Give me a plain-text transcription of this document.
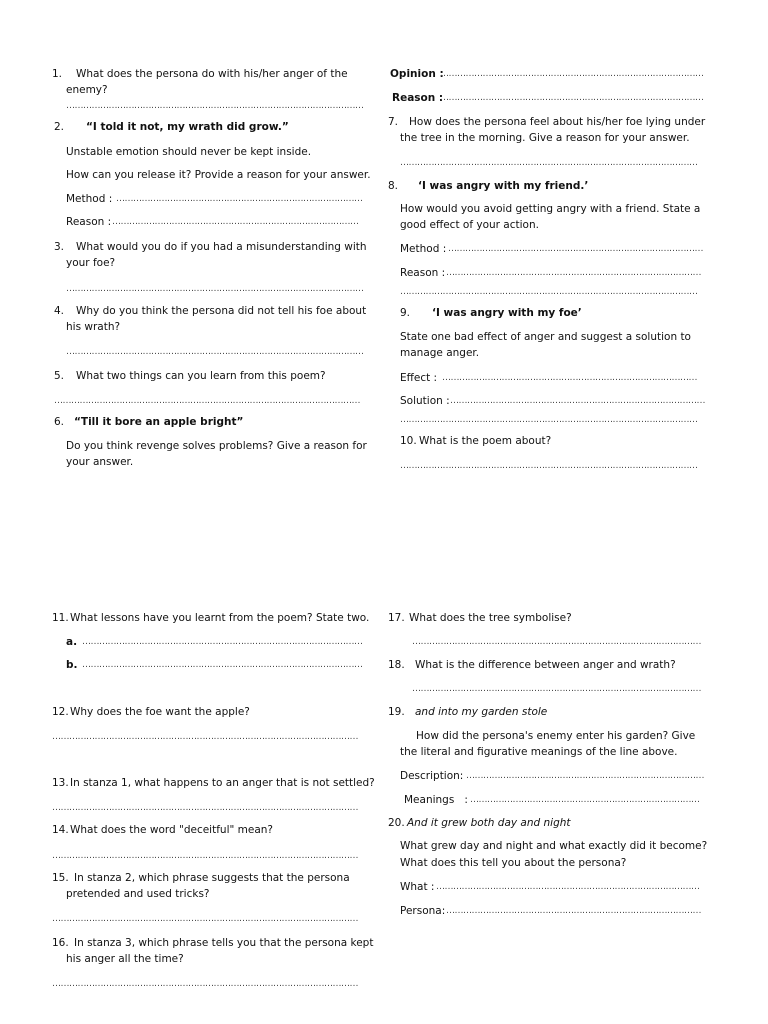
1. What does the persona do with his/her anger of the
enemy?
……………………………………………………………………………………………
2. “I told it not, my wrath did grow.”
Unstable emotion should never be kept inside.
How can you release it? Provide a reason for your answer.
Method : ……………………………………………………………………………
Reason : ……………………………………………………………………………
3. What would you do if you had a misunderstanding with
your foe?
……………………………………………………………………………………………
4. Why do you think the persona did not tell his foe about
his wrath?
……………………………………………………………………………………………
5. What two things can you learn from this poem?
………………………………………………………………………………………………
6. “Till it bore an apple bright”
Do you think revenge solves problems? Give a reason for
your answer.
Opinion :
…………………………………………………………………………………
Reason :
…………………………………………………………………………………
7. How does the persona feel about his/her foe lying under
the tree in the morning. Give a reason for your answer.
……………………………………………………………………………………………
8. ‘I was angry with my friend.’
How would you avoid getting angry with a friend. State a
good effect of your action.
Method : ………………………………………………………………………………
Reason : ………………………………………………………………………………
……………………………………………………………………………………………
9. ‘I was angry with my foe’
State one bad effect of anger and suggest a solution to
manage anger.
Effect : ………………………………………………………………………………
Solution : ………………………………………………………………………………
……………………………………………………………………………………………
10. What is the poem about?
……………………………………………………………………………………………
11. What lessons have you learnt from the poem? State two.
a. ………………………………………………………………………………………
b. ………………………………………………………………………………………
12. Why does the foe want the apple?
………………………………………………………………………………………………
13. In stanza 1, what happens to an anger that is not settled?
………………………………………………………………………………………………
14. What does the word "deceitful" mean?
………………………………………………………………………………………………
15. In stanza 2, which phrase suggests that the persona
pretended and used tricks?
………………………………………………………………………………………………
16. In stanza 3, which phrase tells you that the persona kept
his anger all the time?
………………………………………………………………………………………………
17. What does the tree symbolise?
…………………………………………………………………………………………
18. What is the difference between anger and wrath?
…………………………………………………………………………………………
19. and into my garden stole
How did the persona's enemy enter his garden? Give
the literal and figurative meanings of the line above.
Description: …………………………………………………………………………
Meanings   : ………………………………………………………………………
20. And it grew both day and night
What grew day and night and what exactly did it become?
What does this tell you about the persona?
What : …………………………………………………………………………………
Persona: ………………………………………………………………………………
